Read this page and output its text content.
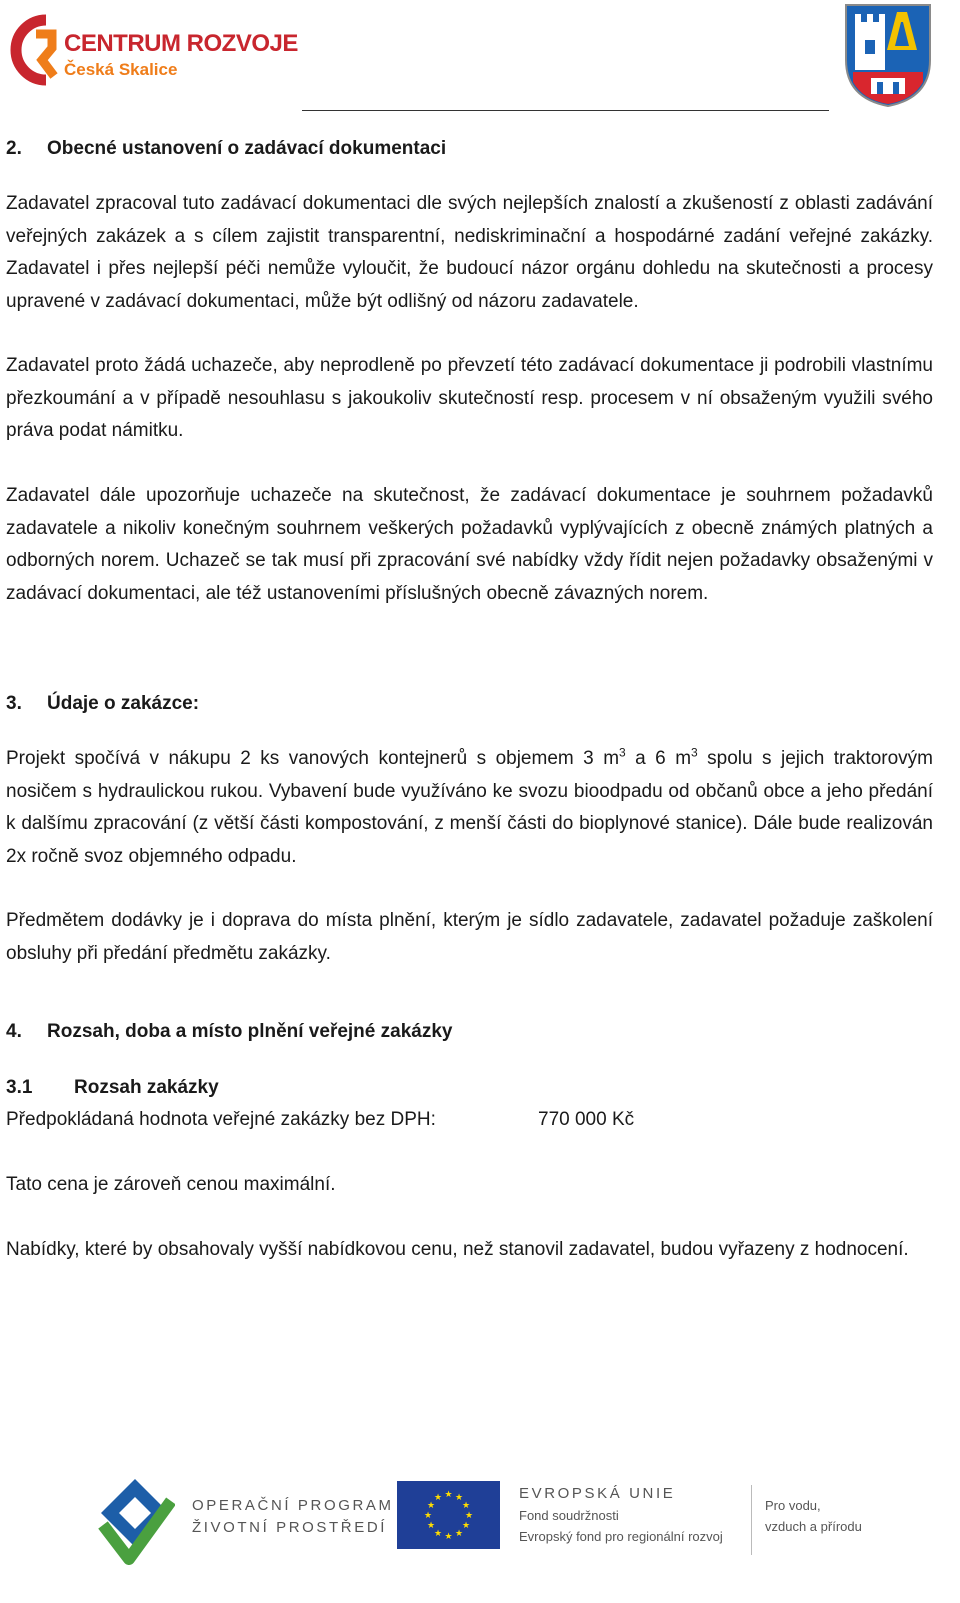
CENTRUM ROZVOJE
Česká Skalice
2. Obecné ustanovení o zadávací dokumentaci
Zadavatel zpracoval tuto zadávací dokumentaci dle svých nejlepších znalostí a zkušeností z oblasti zadávání veřejných zakázek a s cílem zajistit transparentní, nediskriminační a hospodárné zadání veřejné zakázky. Zadavatel i přes nejlepší péči nemůže vyloučit, že budoucí názor orgánu dohledu na skutečnosti a procesy upravené v zadávací dokumentaci, může být odlišný od názoru zadavatele.
Zadavatel proto žádá uchazeče, aby neprodleně po převzetí této zadávací dokumentace ji podrobili vlastnímu přezkoumání a v případě nesouhlasu s jakoukoliv skutečností resp. procesem v ní obsaženým využili svého práva podat námitku.
Zadavatel dále upozorňuje uchazeče na skutečnost, že zadávací dokumentace je souhrnem požadavků zadavatele a nikoliv konečným souhrnem veškerých požadavků vyplývajících z obecně známých platných a odborných norem. Uchazeč se tak musí při zpracování své nabídky vždy řídit nejen požadavky obsaženými v zadávací dokumentaci, ale též ustanoveními příslušných obecně závazných norem.
3. Údaje o zakázce:
Projekt spočívá v nákupu 2 ks vanových kontejnerů s objemem 3 $m^3$ a 6 $m^3$ spolu s jejich traktorovým nosičem s hydraulickou rukou. Vybavení bude využíváno ke svozu bioodpadu od občanů obce a jeho předání k dalšímu zpracování (z větší části kompostování, z menší části do bioplynové stanice). Dále bude realizován 2x ročně svoz objemného odpadu.
Předmětem dodávky je i doprava do místa plnění, kterým je sídlo zadavatele, zadavatel požaduje zaškolení obsluhy při předání předmětu zakázky.
4. Rozsah, doba a místo plnění veřejné zakázky
3.1 Rozsah zakázky
Předpokládaná hodnota veřejné zakázky bez DPH:	770 000 Kč
Tato cena je zároveň cenou maximální.
Nabídky, které by obsahovaly vyšší nabídkovou cenu, než stanovil zadavatel, budou vyřazeny z hodnocení.
OPERAČNÍ PROGRAM
ŽIVOTNÍ PROSTŘEDÍ
★ ★
★
★
★
★
★
★
★
★
★
★	EVROPSKÁ UNIE
Fond soudržnosti
Evropský fond pro regionální rozvoj
Pro vodu,
vzduch a přírodu
